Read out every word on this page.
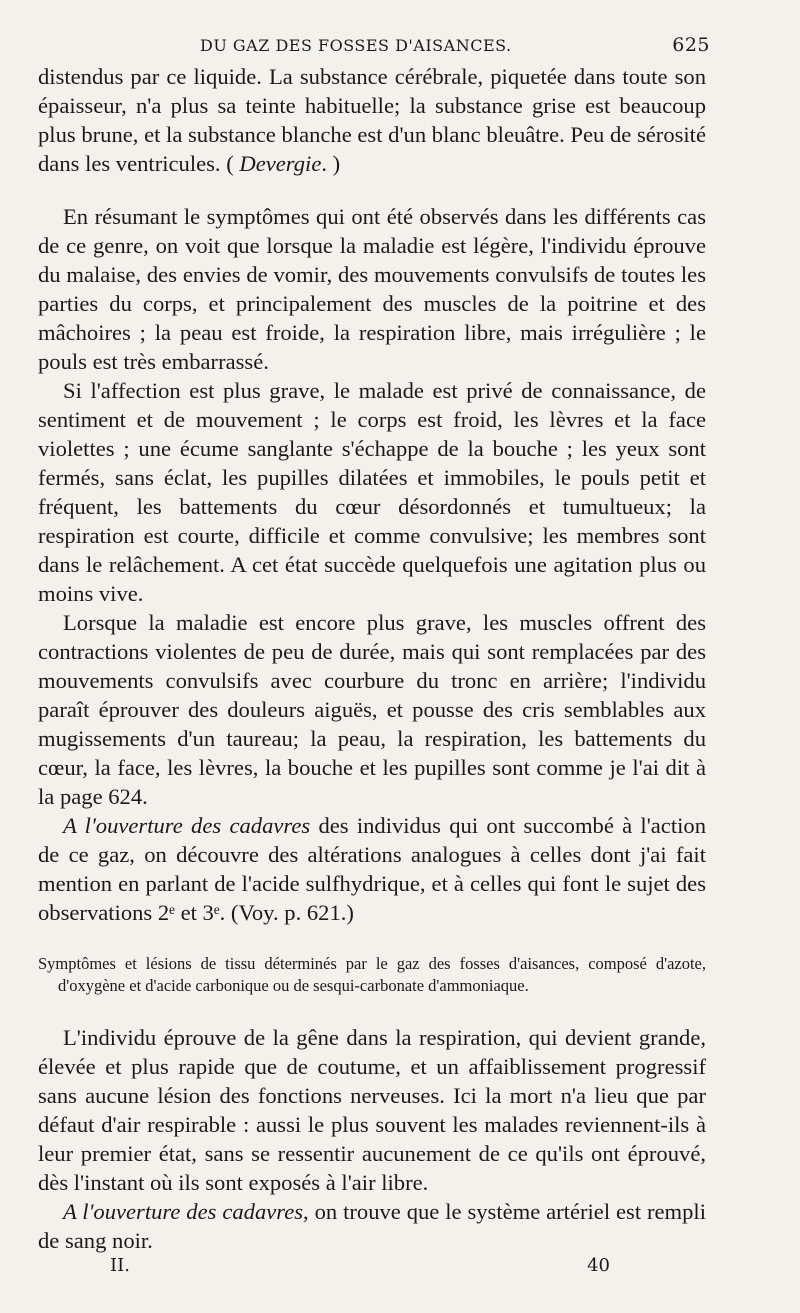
DU GAZ DES FOSSES D'AISANCES.	625

distendus par ce liquide. La substance cérébrale, piquetée dans toute son épaisseur, n'a plus sa teinte habituelle; la substance grise est beaucoup plus brune, et la substance blanche est d'un blanc bleuâtre. Peu de sérosité dans les ventricules. ( Devergie. )

En résumant le symptômes qui ont été observés dans les différents cas de ce genre, on voit que lorsque la maladie est légère, l'individu éprouve du malaise, des envies de vomir, des mouvements convulsifs de toutes les parties du corps, et principalement des muscles de la poitrine et des mâchoires ; la peau est froide, la respiration libre, mais irrégulière ; le pouls est très embarrassé.

Si l'affection est plus grave, le malade est privé de connaissance, de sentiment et de mouvement ; le corps est froid, les lèvres et la face violettes ; une écume sanglante s'échappe de la bouche ; les yeux sont fermés, sans éclat, les pupilles dilatées et immobiles, le pouls petit et fréquent, les battements du cœur désordonnés et tumultueux; la respiration est courte, difficile et comme convulsive; les membres sont dans le relâchement. A cet état succède quelquefois une agitation plus ou moins vive.

Lorsque la maladie est encore plus grave, les muscles offrent des contractions violentes de peu de durée, mais qui sont remplacées par des mouvements convulsifs avec courbure du tronc en arrière; l'individu paraît éprouver des douleurs aiguës, et pousse des cris semblables aux mugissements d'un taureau; la peau, la respiration, les battements du cœur, la face, les lèvres, la bouche et les pupilles sont comme je l'ai dit à la page 624.

A l'ouverture des cadavres des individus qui ont succombé à l'action de ce gaz, on découvre des altérations analogues à celles dont j'ai fait mention en parlant de l'acide sulfhydrique, et à celles qui font le sujet des observations 2ᵉ et 3ᵉ. (Voy. p. 621.)

Symptômes et lésions de tissu déterminés par le gaz des fosses d'aisances, composé d'azote, d'oxygène et d'acide carbonique ou de sesqui-carbonate d'ammoniaque.

L'individu éprouve de la gêne dans la respiration, qui devient grande, élevée et plus rapide que de coutume, et un affaiblissement progressif sans aucune lésion des fonctions nerveuses. Ici la mort n'a lieu que par défaut d'air respirable : aussi le plus souvent les malades reviennent-ils à leur premier état, sans se ressentir aucunement de ce qu'ils ont éprouvé, dès l'instant où ils sont exposés à l'air libre.

A l'ouverture des cadavres, on trouve que le système artériel est rempli de sang noir.

II.	40
